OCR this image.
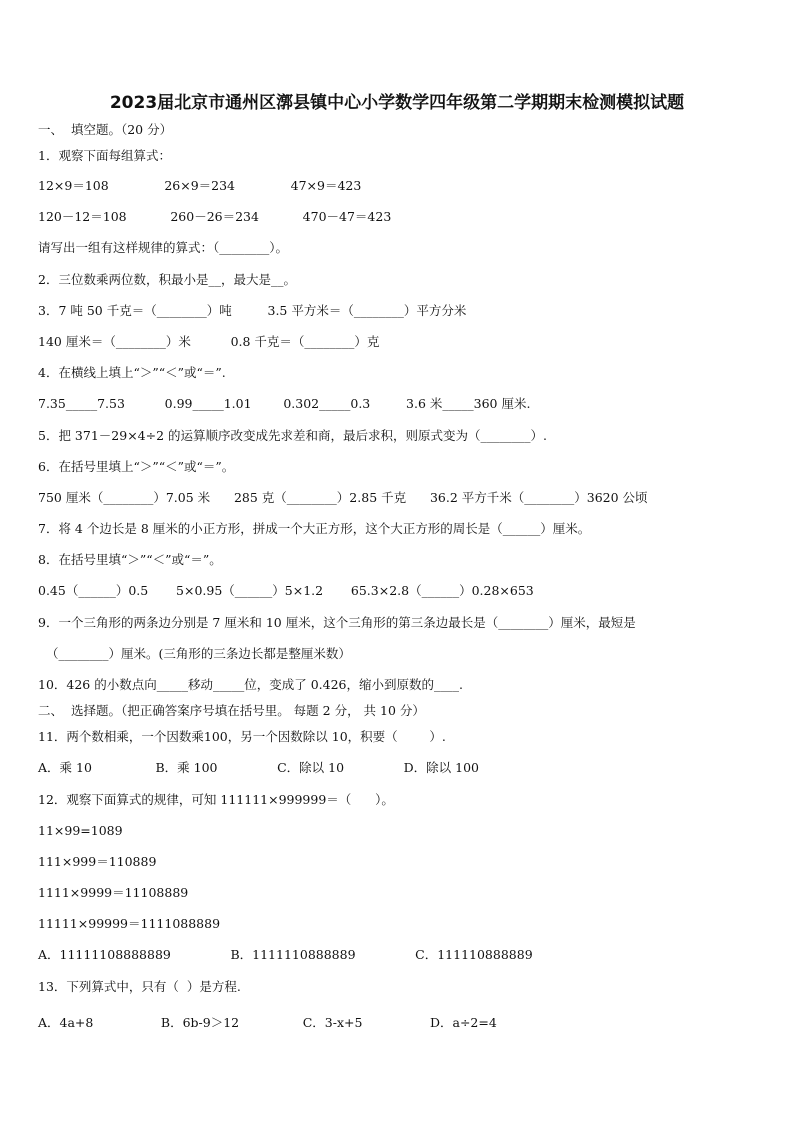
2023届北京市通州区漷县镇中心小学数学四年级第二学期期末检测模拟试题
一、  填空题。（20 分）
1．观察下面每组算式：
12×9＝108              26×9＝234              47×9＝423
120－12＝108           260－26＝234           470－47＝423
请写出一组有这样规律的算式：（________）。
2．三位数乘两位数，积最小是__，最大是__。
3．7 吨 50 千克＝（________）吨         3.5 平方米＝（________）平方分米
140 厘米＝（________）米          0.8 千克＝（________）克
4．在横线上填上“＞”“＜”或“＝”.
7.35_____7.53          0.99_____1.01        0.302_____0.3         3.6 米_____360 厘米.
5．把 371－29×4÷2 的运算顺序改变成先求差和商，最后求积，则原式变为（________）.
6．在括号里填上“＞”“＜”或“＝”。
750 厘米（________）7.05 米      285 克（________）2.85 千克      36.2 平方千米（________）3620 公顷
7．将 4 个边长是 8 厘米的小正方形，拼成一个大正方形，这个大正方形的周长是（______）厘米。
8．在括号里填“＞”“＜”或“＝”。
0.45（______）0.5       5×0.95（______）5×1.2       65.3×2.8（______）0.28×653
9．一个三角形的两条边分别是 7 厘米和 10 厘米，这个三角形的第三条边最长是（________）厘米，最短是
（________）厘米。(三角形的三条边长都是整厘米数）
10．426 的小数点向_____移动_____位，变成了 0.426，缩小到原数的____.
二、  选择题。（把正确答案序号填在括号里。 每题 2 分， 共 10 分）
11．两个数相乘，一个因数乘100，另一个因数除以 10，积要（        ）.
A．乘 10                B．乘 100               C．除以 10               D．除以 100
12．观察下面算式的规律，可知 111111×999999＝（      ）。
11×99=1089
111×999＝110889
1111×9999＝11108889
11111×99999＝1111088889
A．11111108888889               B．1111110888889               C．111110888889
13．下列算式中，只有（  ）是方程.
A．4a+8                 B．6b-9＞12                C．3-x+5                 D．a÷2=4
